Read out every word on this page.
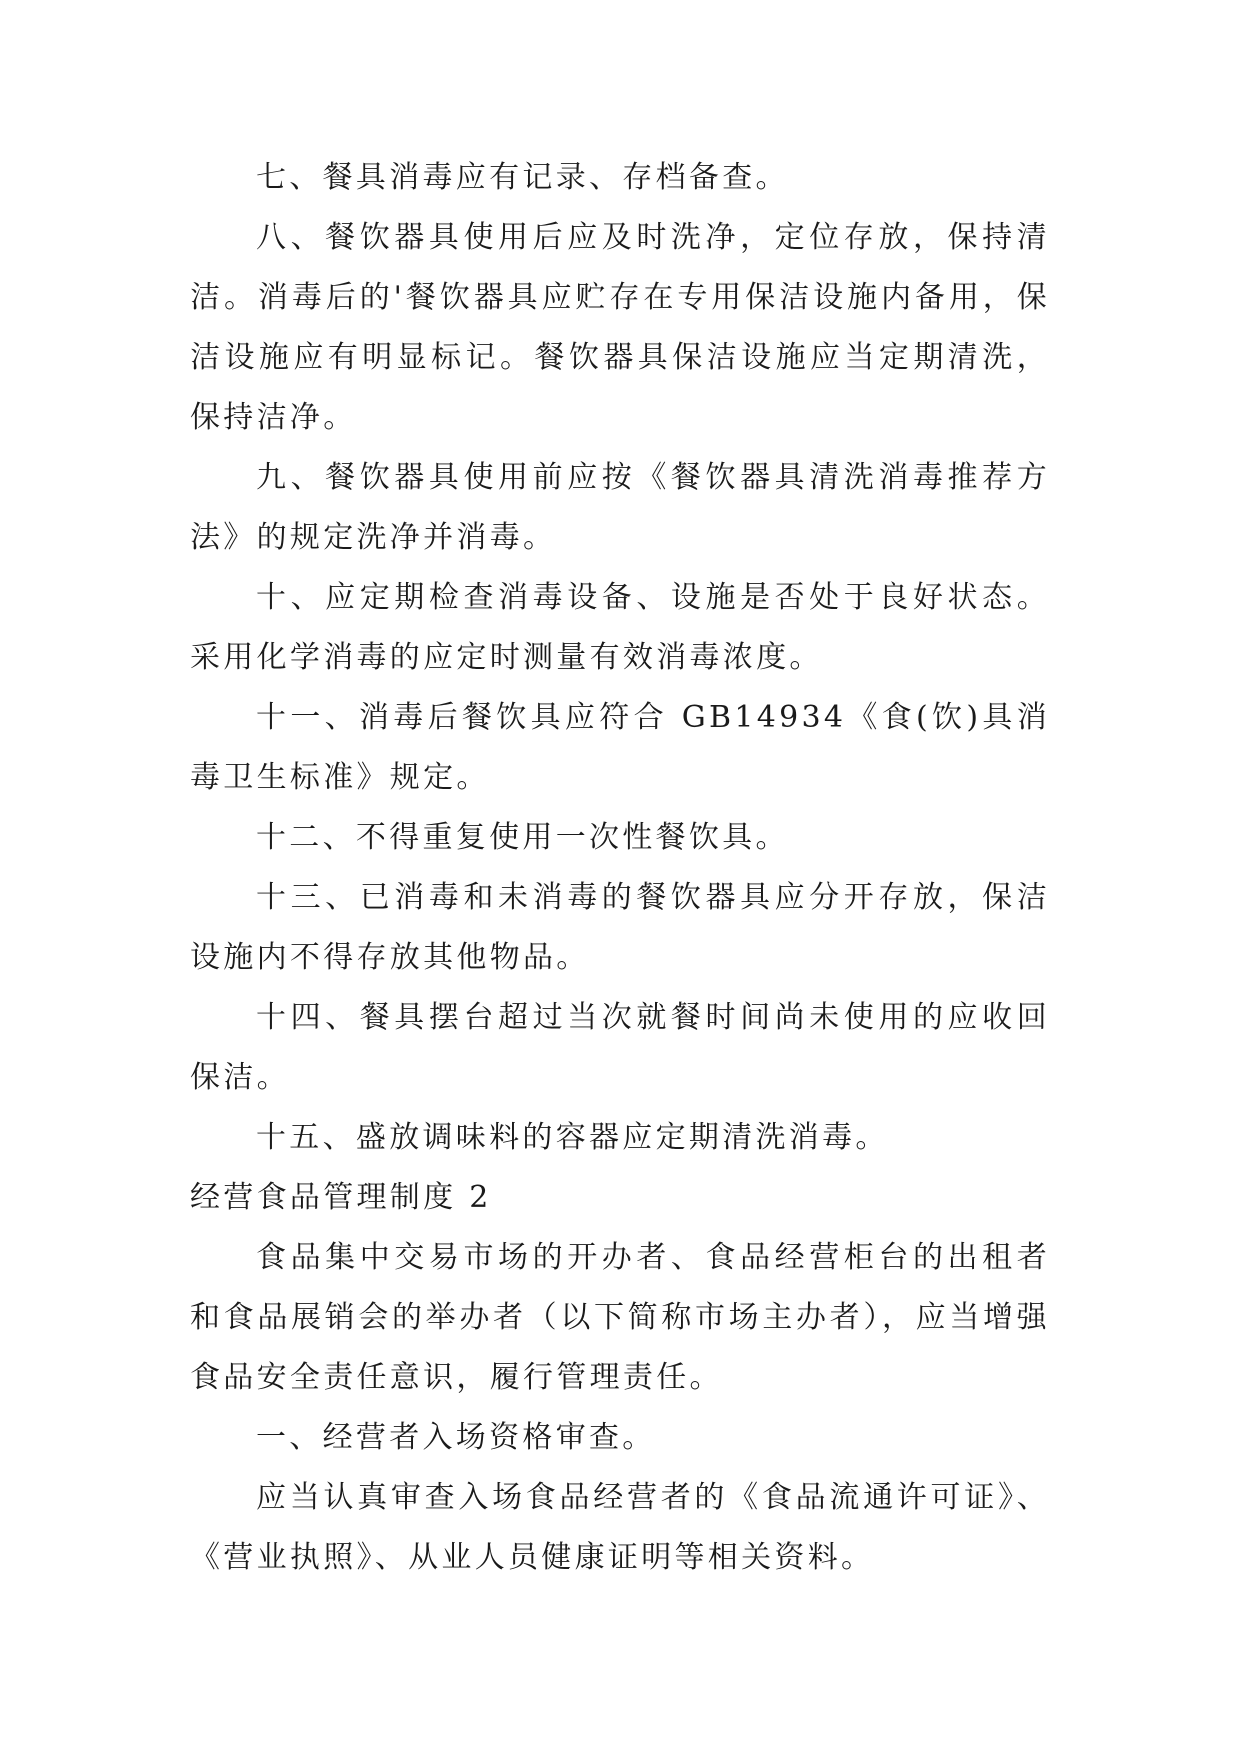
七、餐具消毒应有记录、存档备查。

八、餐饮器具使用后应及时洗净，定位存放，保持清洁。消毒后的'餐饮器具应贮存在专用保洁设施内备用，保洁设施应有明显标记。餐饮器具保洁设施应当定期清洗，保持洁净。

九、餐饮器具使用前应按《餐饮器具清洗消毒推荐方法》的规定洗净并消毒。

十、应定期检查消毒设备、设施是否处于良好状态。采用化学消毒的应定时测量有效消毒浓度。

十一、消毒后餐饮具应符合 GB14934《食(饮)具消毒卫生标准》规定。

十二、不得重复使用一次性餐饮具。

十三、已消毒和未消毒的餐饮器具应分开存放，保洁设施内不得存放其他物品。

十四、餐具摆台超过当次就餐时间尚未使用的应收回保洁。

十五、盛放调味料的容器应定期清洗消毒。

经营食品管理制度 2

食品集中交易市场的开办者、食品经营柜台的出租者和食品展销会的举办者（以下简称市场主办者），应当增强食品安全责任意识，履行管理责任。

一、经营者入场资格审查。

应当认真审查入场食品经营者的《食品流通许可证》、《营业执照》、从业人员健康证明等相关资料。
